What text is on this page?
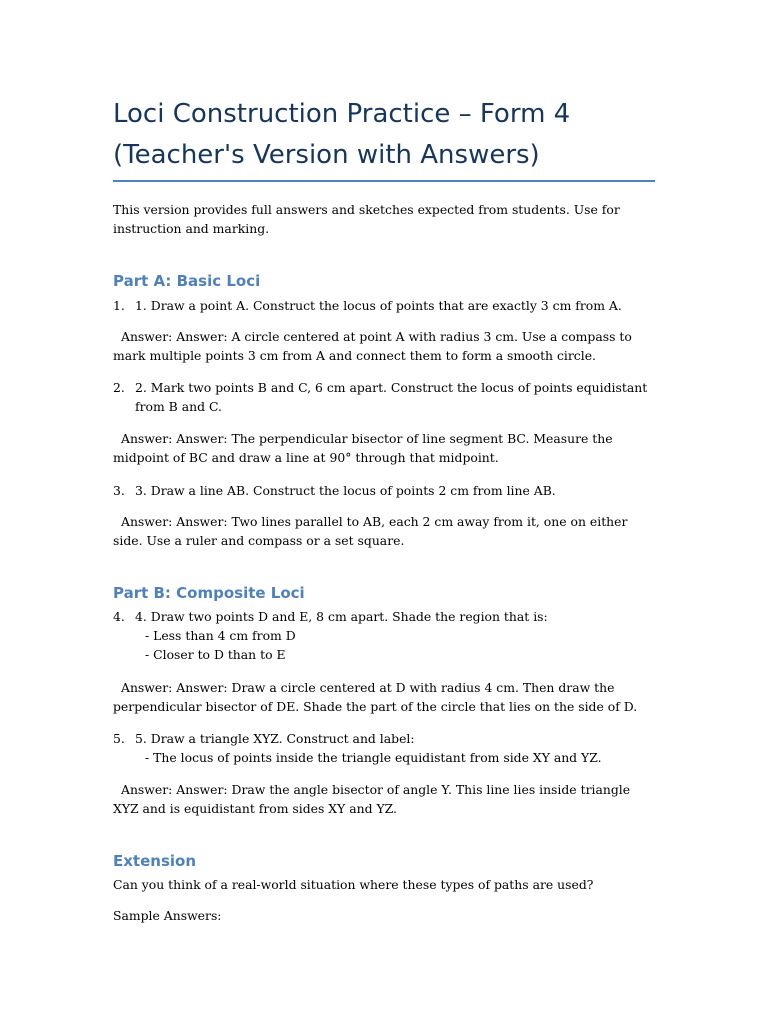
Loci Construction Practice – Form 4
(Teacher's Version with Answers)

This version provides full answers and sketches expected from students. Use for instruction and marking.

Part A: Basic Loci
1. 1. Draw a point A. Construct the locus of points that are exactly 3 cm from A.

Answer: Answer: A circle centered at point A with radius 3 cm. Use a compass to mark multiple points 3 cm from A and connect them to form a smooth circle.

2. 2. Mark two points B and C, 6 cm apart. Construct the locus of points equidistant from B and C.

Answer: Answer: The perpendicular bisector of line segment BC. Measure the midpoint of BC and draw a line at 90° through that midpoint.

3. 3. Draw a line AB. Construct the locus of points 2 cm from line AB.

Answer: Answer: Two lines parallel to AB, each 2 cm away from it, one on either side. Use a ruler and compass or a set square.

Part B: Composite Loci
4. 4. Draw two points D and E, 8 cm apart. Shade the region that is:
- Less than 4 cm from D
- Closer to D than to E

Answer: Answer: Draw a circle centered at D with radius 4 cm. Then draw the perpendicular bisector of DE. Shade the part of the circle that lies on the side of D.

5. 5. Draw a triangle XYZ. Construct and label:
- The locus of points inside the triangle equidistant from side XY and YZ.

Answer: Answer: Draw the angle bisector of angle Y. This line lies inside triangle XYZ and is equidistant from sides XY and YZ.

Extension

Can you think of a real-world situation where these types of paths are used?

Sample Answers:
